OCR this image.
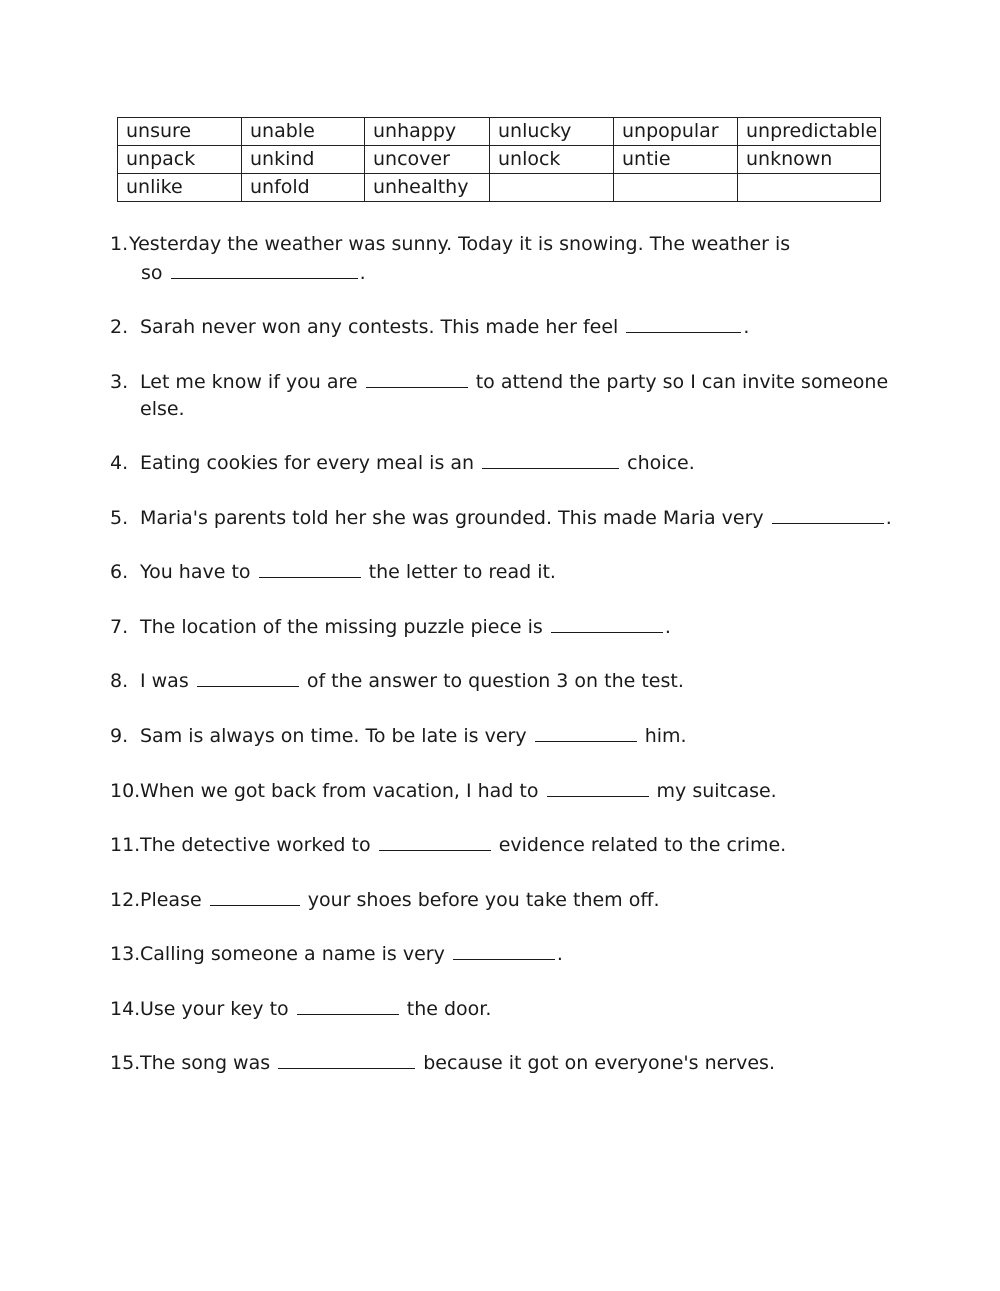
unsure	unable	unhappy	unlucky	unpopular	unpredictable
unpack	unkind	uncover	unlock	untie	unknown
unlike	unfold	unhealthy			
1.Yesterday the weather was sunny. Today it is snowing. The weather is
so	.
2. Sarah never won any contests. This made her feel	.
3. Let me know if you are	to attend the party so I can invite someone
else.
4. Eating cookies for every meal is an	choice.
5. Maria's parents told her she was grounded. This made Maria very	.
6. You have to	the letter to read it.
7. The location of the missing puzzle piece is	.
8. I was	of the answer to question 3 on the test.
9. Sam is always on time. To be late is very	him.
10.When we got back from vacation, I had to	my suitcase.
11.The detective worked to	evidence related to the crime.
12.Please	your shoes before you take them off.
13.Calling someone a name is very	.
14.Use your key to	the door.
15.The song was	because it got on everyone's nerves.
